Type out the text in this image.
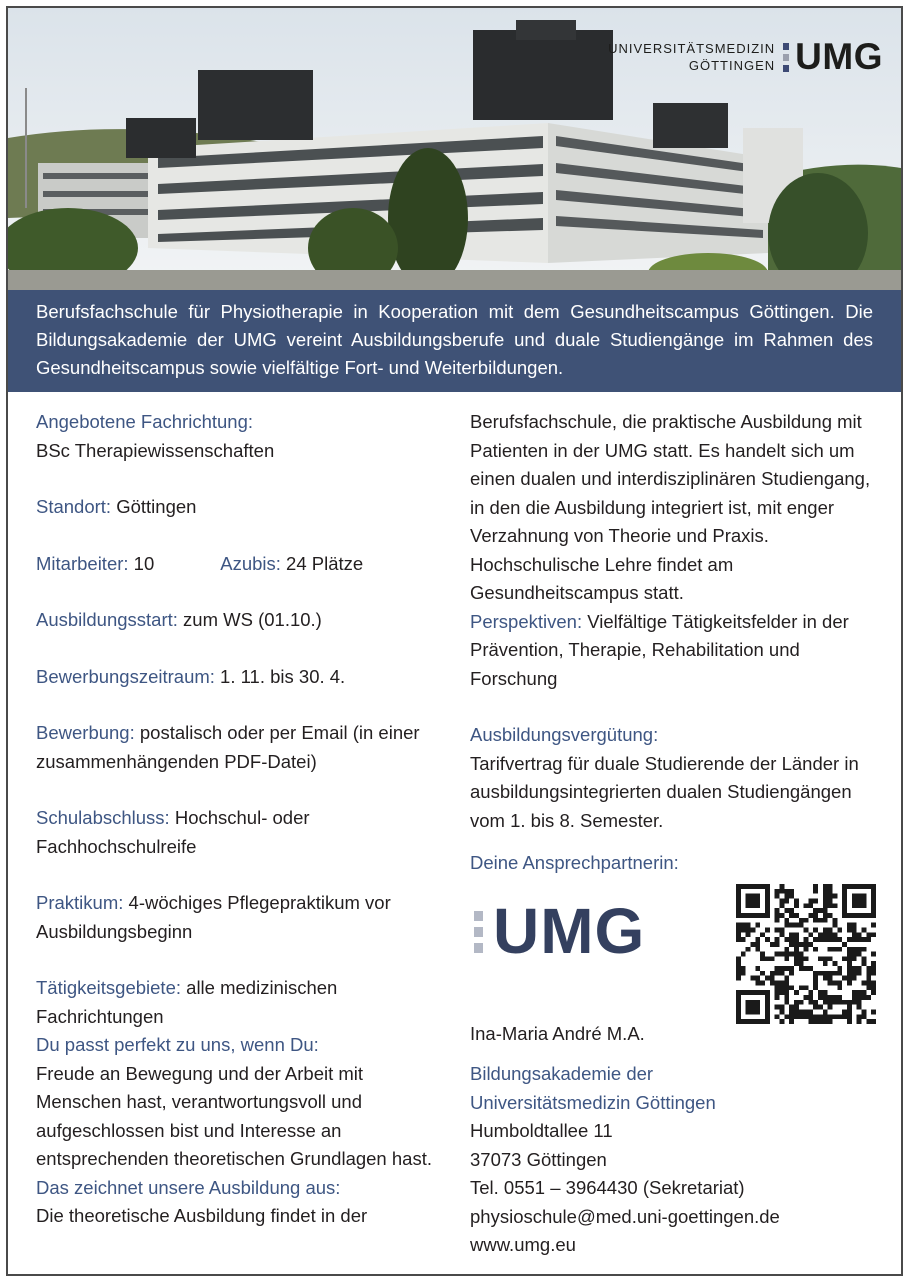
UNIVERSITÄTSMEDIZIN
GÖTTINGEN UMG
Berufsfachschule für Physiotherapie in Kooperation mit dem Gesundheitscampus Göttingen. Die Bildungsakademie der UMG vereint Ausbildungsberufe und duale Studiengänge im Rahmen des Gesundheitscampus sowie vielfältige Fort- und Weiterbildungen.
Angebotene Fachrichtung:
BSc Therapiewissenschaften
Standort: Göttingen
Mitarbeiter: 10	Azubis: 24 Plätze
Ausbildungsstart: zum WS (01.10.)
Bewerbungszeitraum: 1. 11. bis 30. 4.
Bewerbung: postalisch oder per Email (in einer zusammenhängenden PDF-Datei)
Schulabschluss: Hochschul- oder Fachhochschulreife
Praktikum: 4-wöchiges Pflegepraktikum vor Ausbildungsbeginn
Tätigkeitsgebiete: alle medizinischen Fachrichtungen
Du passt perfekt zu uns, wenn Du:
Freude an Bewegung und der Arbeit mit Menschen hast, verantwortungsvoll und aufgeschlossen bist und Interesse an entsprechenden theoretischen Grundlagen hast.
Das zeichnet unsere Ausbildung aus:
Die theoretische Ausbildung findet in der
Berufsfachschule, die praktische Ausbildung mit Patienten in der UMG statt. Es handelt sich um einen dualen und interdisziplinären Studiengang, in den die Ausbildung integriert ist, mit enger Verzahnung von Theorie und Praxis. Hochschulische Lehre findet am Gesundheitscampus statt.
Perspektiven: Vielfältige Tätigkeitsfelder in der Prävention, Therapie, Rehabilitation und Forschung
Ausbildungsvergütung:
Tarifvertrag für duale Studierende der Länder in ausbildungsintegrierten dualen Studiengängen vom 1. bis 8. Semester.
Deine Ansprechpartnerin:
UMG
Ina-Maria André M.A.
Bildungsakademie der
Universitätsmedizin Göttingen
Humboldtallee 11
37073 Göttingen
Tel. 0551 – 3964430 (Sekretariat)
physioschule@med.uni-goettingen.de
www.umg.eu
